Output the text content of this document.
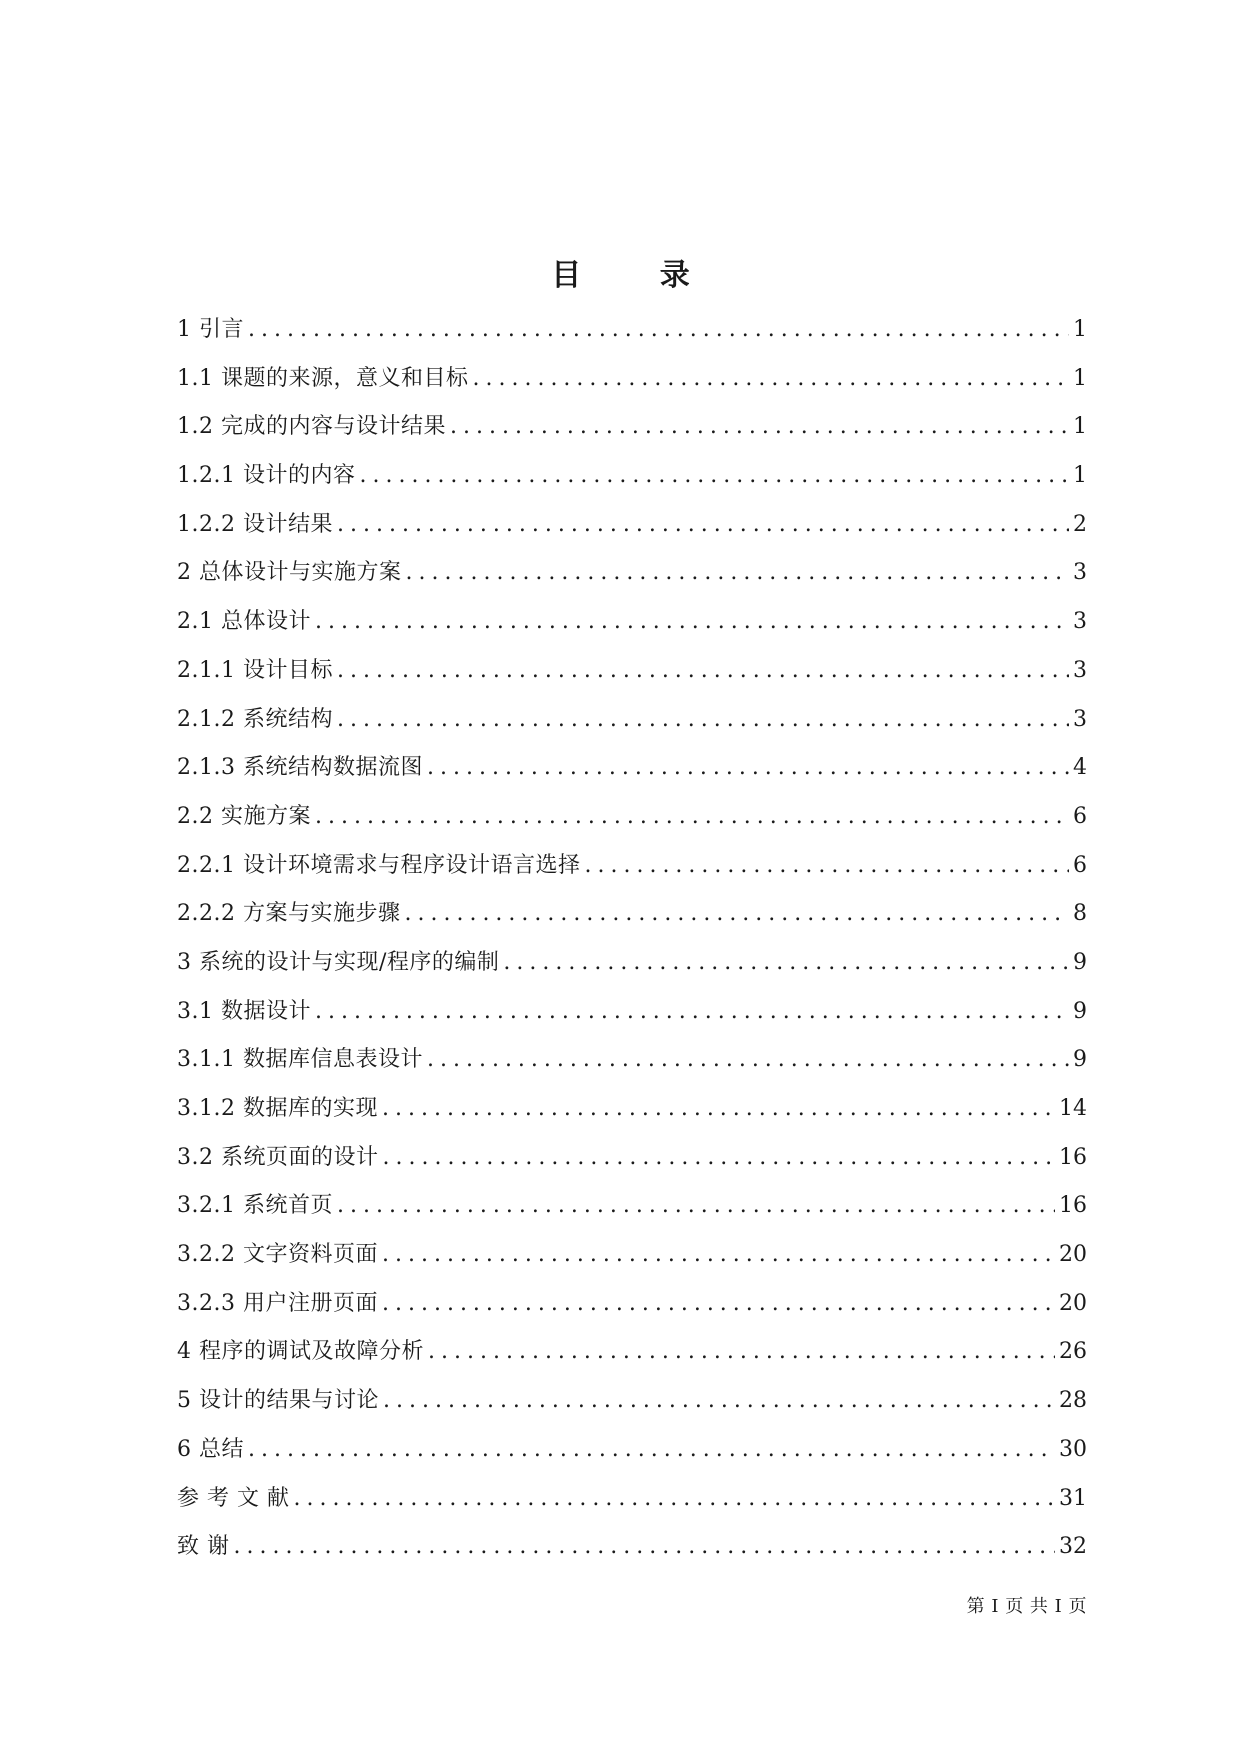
目 录
1 引言 .....	1
1.1 课题的来源，意义和目标 .....	1
1.2 完成的内容与设计结果 .....	1
1.2.1 设计的内容 .....	1
1.2.2 设计结果 .....	2
2 总体设计与实施方案 .....	3
2.1 总体设计 .....	3
2.1.1 设计目标 .....	3
2.1.2 系统结构 .....	3
2.1.3 系统结构数据流图 .....	4
2.2 实施方案 .....	6
2.2.1 设计环境需求与程序设计语言选择 .....	6
2.2.2 方案与实施步骤 .....	8
3 系统的设计与实现/程序的编制 .....	9
3.1 数据设计 .....	9
3.1.1 数据库信息表设计 .....	9
3.1.2 数据库的实现 .....	14
3.2 系统页面的设计 .....	16
3.2.1 系统首页 .....	16
3.2.2 文字资料页面 .....	20
3.2.3 用户注册页面 .....	20
4 程序的调试及故障分析 .....	26
5 设计的结果与讨论 .....	28
6 总结 .....	30
参 考 文 献 .....	31
致 谢 .....	32
第 I 页 共 I 页
